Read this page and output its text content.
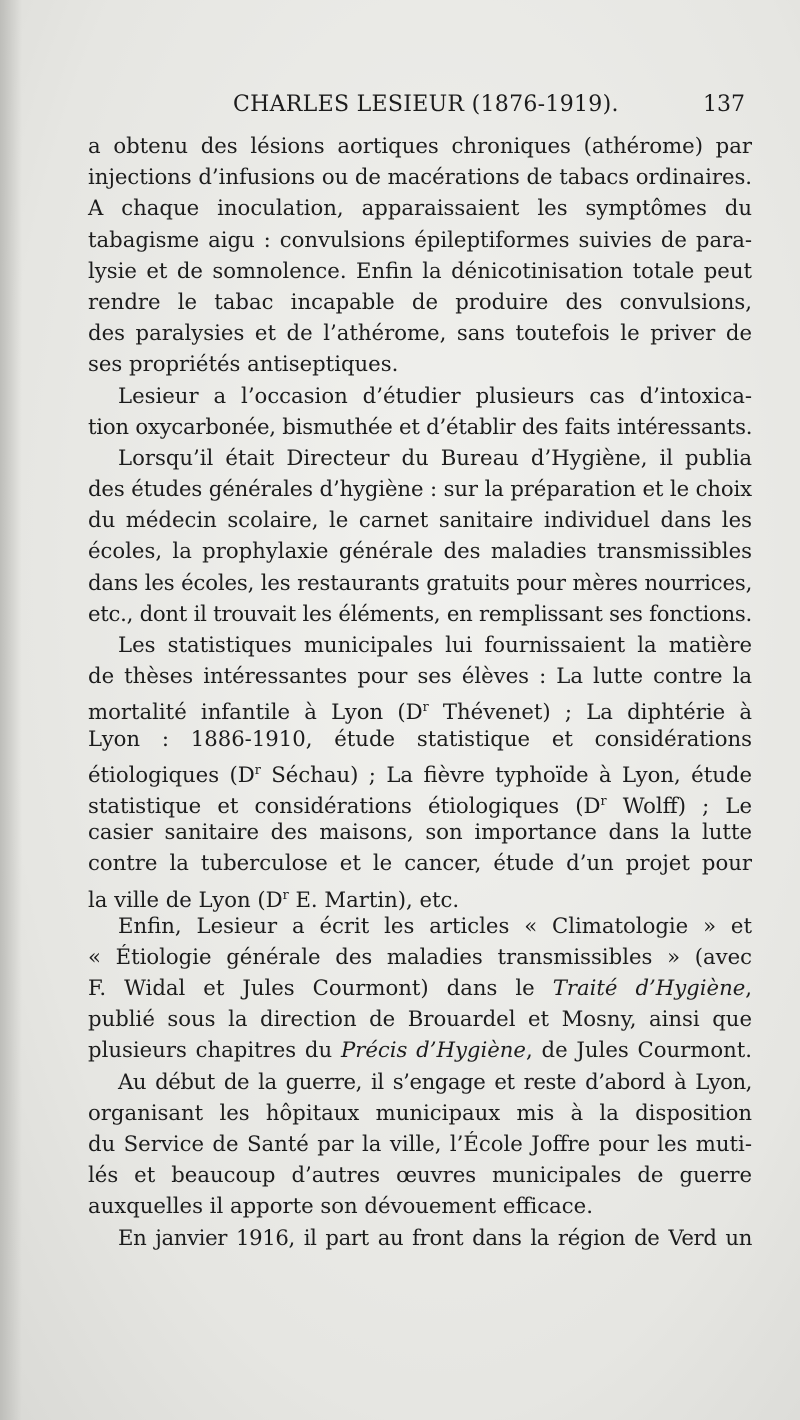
CHARLES LESIEUR (1876-1919).	137
a obtenu des lésions aortiques chroniques (athérome) par
injections d’infusions ou de macérations de tabacs ordinaires.
A chaque inoculation, apparaissaient les symptômes du
tabagisme aigu : convulsions épileptiformes suivies de para-
lysie et de somnolence. Enfin la dénicotinisation totale peut
rendre le tabac incapable de produire des convulsions,
des paralysies et de l’athérome, sans toutefois le priver de
ses propriétés antiseptiques.
Lesieur a l’occasion d’étudier plusieurs cas d’intoxica-
tion oxycarbonée, bismuthée et d’établir des faits intéressants.
Lorsqu’il était Directeur du Bureau d’Hygiène, il publia
des études générales d’hygiène : sur la préparation et le choix
du médecin scolaire, le carnet sanitaire individuel dans les
écoles, la prophylaxie générale des maladies transmissibles
dans les écoles, les restaurants gratuits pour mères nourrices,
etc., dont il trouvait les éléments, en remplissant ses fonctions.
Les statistiques municipales lui fournissaient la matière
de thèses intéressantes pour ses élèves : La lutte contre la
mortalité infantile à Lyon ($D^r$ Thévenet) ; La diphtérie à
Lyon : 1886-1910, étude statistique et considérations
étiologiques ($D^r$ Séchau) ; La fièvre typhoïde à Lyon, étude
statistique et considérations étiologiques ($D^r$ Wolff) ; Le
casier sanitaire des maisons, son importance dans la lutte
contre la tuberculose et le cancer, étude d’un projet pour
la ville de Lyon ($D^r$ E. Martin), etc.
Enfin, Lesieur a écrit les articles « Climatologie » et
« Étiologie générale des maladies transmissibles » (avec
F. Widal et Jules Courmont) dans le Traité d’Hygiène,
publié sous la direction de Brouardel et Mosny, ainsi que
plusieurs chapitres du Précis d’Hygiène, de Jules Courmont.
Au début de la guerre, il s’engage et reste d’abord à Lyon,
organisant les hôpitaux municipaux mis à la disposition
du Service de Santé par la ville, l’École Joffre pour les muti-
lés et beaucoup d’autres œuvres municipales de guerre
auxquelles il apporte son dévouement efficace.
En janvier 1916, il part au front dans la région de Verd un
